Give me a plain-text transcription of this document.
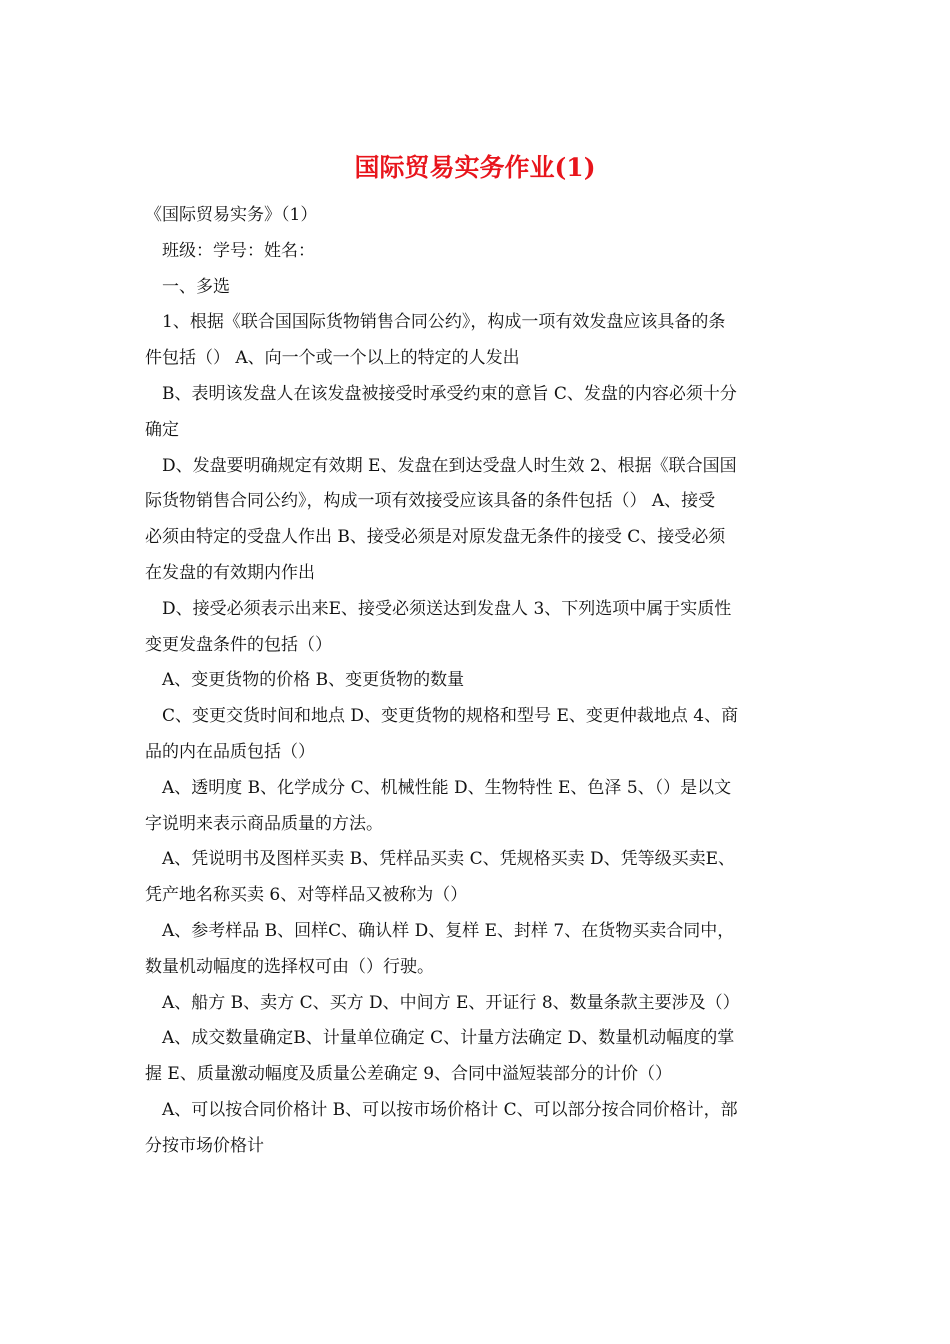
国际贸易实务作业(1)
《国际贸易实务》（1）
班级：学号：姓名：
一、多选
1、根据《联合国国际货物销售合同公约》，构成一项有效发盘应该具备的条
件包括（） A、向一个或一个以上的特定的人发出
B、表明该发盘人在该发盘被接受时承受约束的意旨 C、发盘的内容必须十分
确定
D、发盘要明确规定有效期 E、发盘在到达受盘人时生效 2、根据《联合国国
际货物销售合同公约》，构成一项有效接受应该具备的条件包括（） A、接受
必须由特定的受盘人作出 B、接受必须是对原发盘无条件的接受 C、接受必须
在发盘的有效期内作出
D、接受必须表示出来E、接受必须送达到发盘人 3、下列选项中属于实质性
变更发盘条件的包括（）
A、变更货物的价格 B、变更货物的数量
C、变更交货时间和地点 D、变更货物的规格和型号 E、变更仲裁地点 4、商
品的内在品质包括（）
A、透明度 B、化学成分 C、机械性能 D、生物特性 E、色泽 5、（）是以文
字说明来表示商品质量的方法。
A、凭说明书及图样买卖 B、凭样品买卖 C、凭规格买卖 D、凭等级买卖E、
凭产地名称买卖 6、对等样品又被称为（）
A、参考样品 B、回样C、确认样 D、复样 E、封样 7、在货物买卖合同中，
数量机动幅度的选择权可由（）行驶。
A、船方 B、卖方 C、买方 D、中间方 E、开证行 8、数量条款主要涉及（）
A、成交数量确定B、计量单位确定 C、计量方法确定 D、数量机动幅度的掌
握 E、质量激动幅度及质量公差确定 9、合同中溢短装部分的计价（）
A、可以按合同价格计 B、可以按市场价格计 C、可以部分按合同价格计，部
分按市场价格计
